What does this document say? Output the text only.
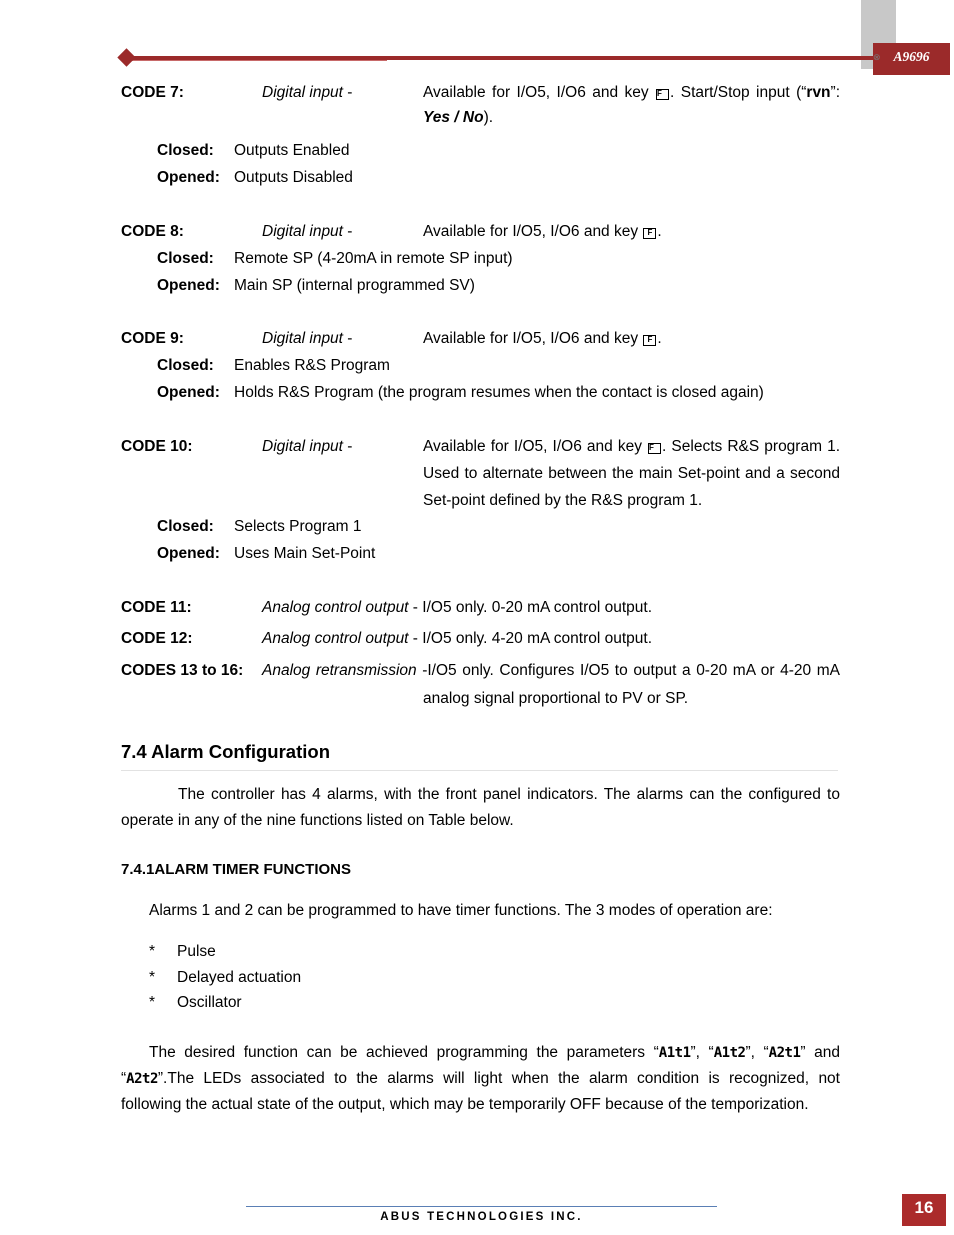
⊗ A9696
CODE 7:	Digital input -	Available for I/O5, I/O6 and key F . Start/Stop input (“rvn”:
Yes / No).
Closed: Outputs Enabled
Opened: Outputs Disabled
CODE 8:	Digital input -	Available for I/O5, I/O6 and key F .
Closed: Remote SP (4-20mA in remote SP input)
Opened: Main SP (internal programmed SV)
CODE 9:	Digital input -	Available for I/O5, I/O6 and key F .
Closed: Enables R&S Program
Opened: Holds R&S Program (the program resumes when the contact is closed again)
CODE 10:	Digital input -	Available for I/O5, I/O6 and key F . Selects R&S program 1.
Used to alternate between the main Set-point and a second
Set-point defined by the R&S program 1.
Closed: Selects Program 1
Opened: Uses Main Set-Point
CODE 11:	Analog control output - I/O5 only. 0-20 mA control output.
CODE 12:	Analog control output - I/O5 only. 4-20 mA control output.
CODES 13 to 16: Analog retransmission -I/O5 only. Configures I/O5 to output a 0-20 mA or 4-20 mA
analog signal proportional to PV or SP.
7.4 Alarm Configuration
The controller has 4 alarms, with the front panel indicators. The alarms can the configured to
operate in any of the nine functions listed on Table below.
7.4.1ALARM TIMER FUNCTIONS
Alarms 1 and 2 can be programmed to have timer functions. The 3 modes of operation are:
* Pulse
* Delayed actuation
* Oscillator
The desired function can be achieved programming the parameters “A1t1”, “A1t2”, “A2t1” and
“A2t2”.The LEDs associated to the alarms will light when the alarm condition is recognized, not
following the actual state of the output, which may be temporarily OFF because of the temporization.
ABUS TECHNOLOGIES INC.	16
